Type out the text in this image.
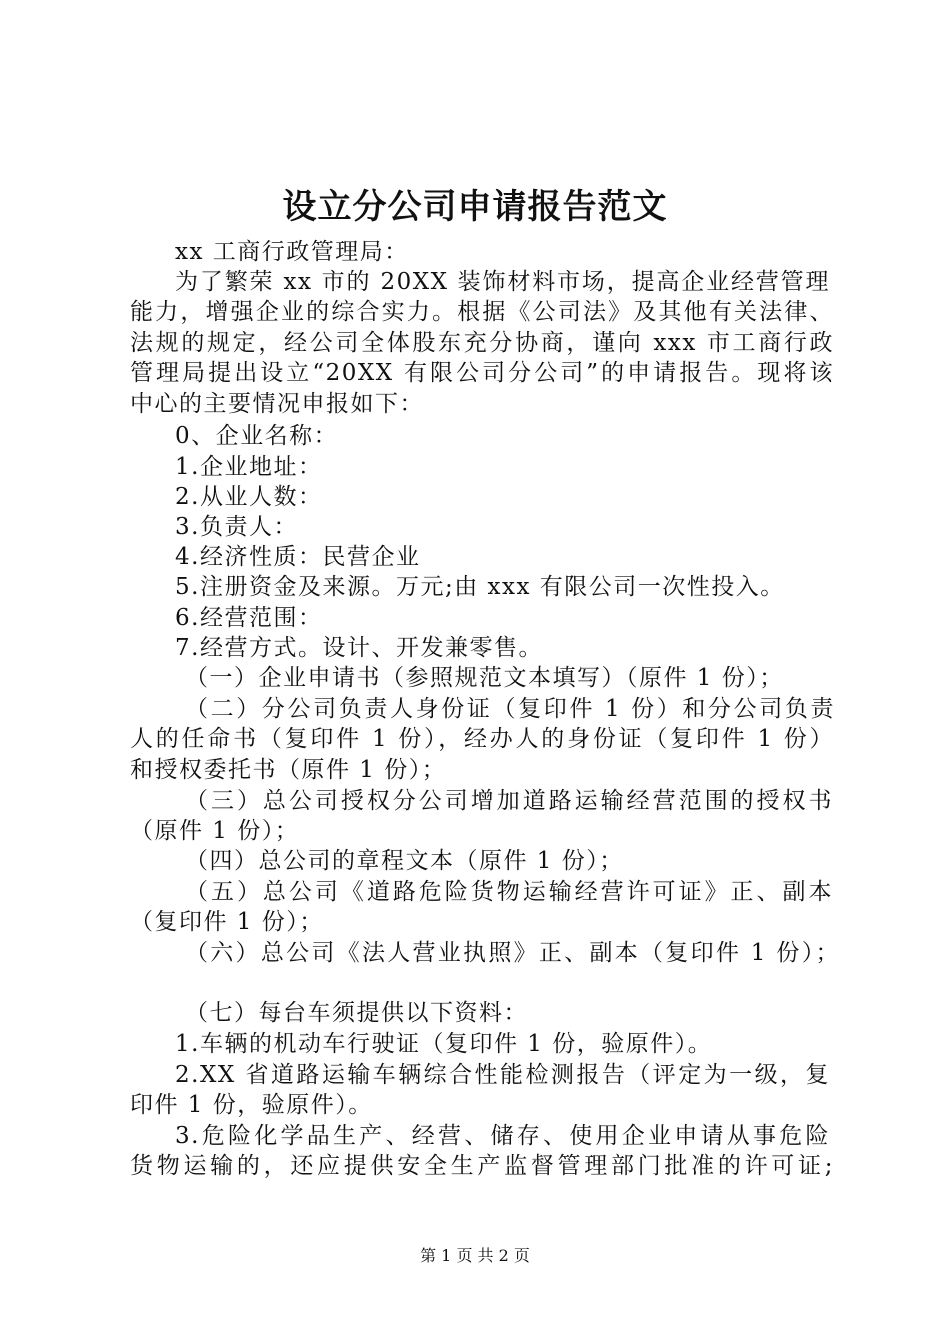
设立分公司申请报告范文
xx 工商行政管理局：
为了繁荣 xx 市的 20XX 装饰材料市场，提高企业经营管理
能力，增强企业的综合实力。根据《公司法》及其他有关法律、
法规的规定，经公司全体股东充分协商，谨向 xxx 市工商行政
管理局提出设立“20XX 有限公司分公司”的申请报告。现将该
中心的主要情况申报如下：
0、企业名称：
1.企业地址：
2.从业人数：
3.负责人：
4.经济性质：民营企业
5.注册资金及来源。万元;由 xxx 有限公司一次性投入。
6.经营范围：
7.经营方式。设计、开发兼零售。
（一）企业申请书（参照规范文本填写）（原件 1 份）；
（二）分公司负责人身份证（复印件 1 份）和分公司负责
人的任命书（复印件 1 份），经办人的身份证（复印件 1 份）
和授权委托书（原件 1 份）；
（三）总公司授权分公司增加道路运输经营范围的授权书
（原件 1 份）；
（四）总公司的章程文本（原件 1 份）；
（五）总公司《道路危险货物运输经营许可证》正、副本
（复印件 1 份）；
（六）总公司《法人营业执照》正、副本（复印件 1 份）；
（七）每台车须提供以下资料：
1.车辆的机动车行驶证（复印件 1 份，验原件）。
2.XX 省道路运输车辆综合性能检测报告（评定为一级，复
印件 1 份，验原件）。
3.危险化学品生产、经营、储存、使用企业申请从事危险
货物运输的，还应提供安全生产监督管理部门批准的许可证;
第 1 页 共 2 页
